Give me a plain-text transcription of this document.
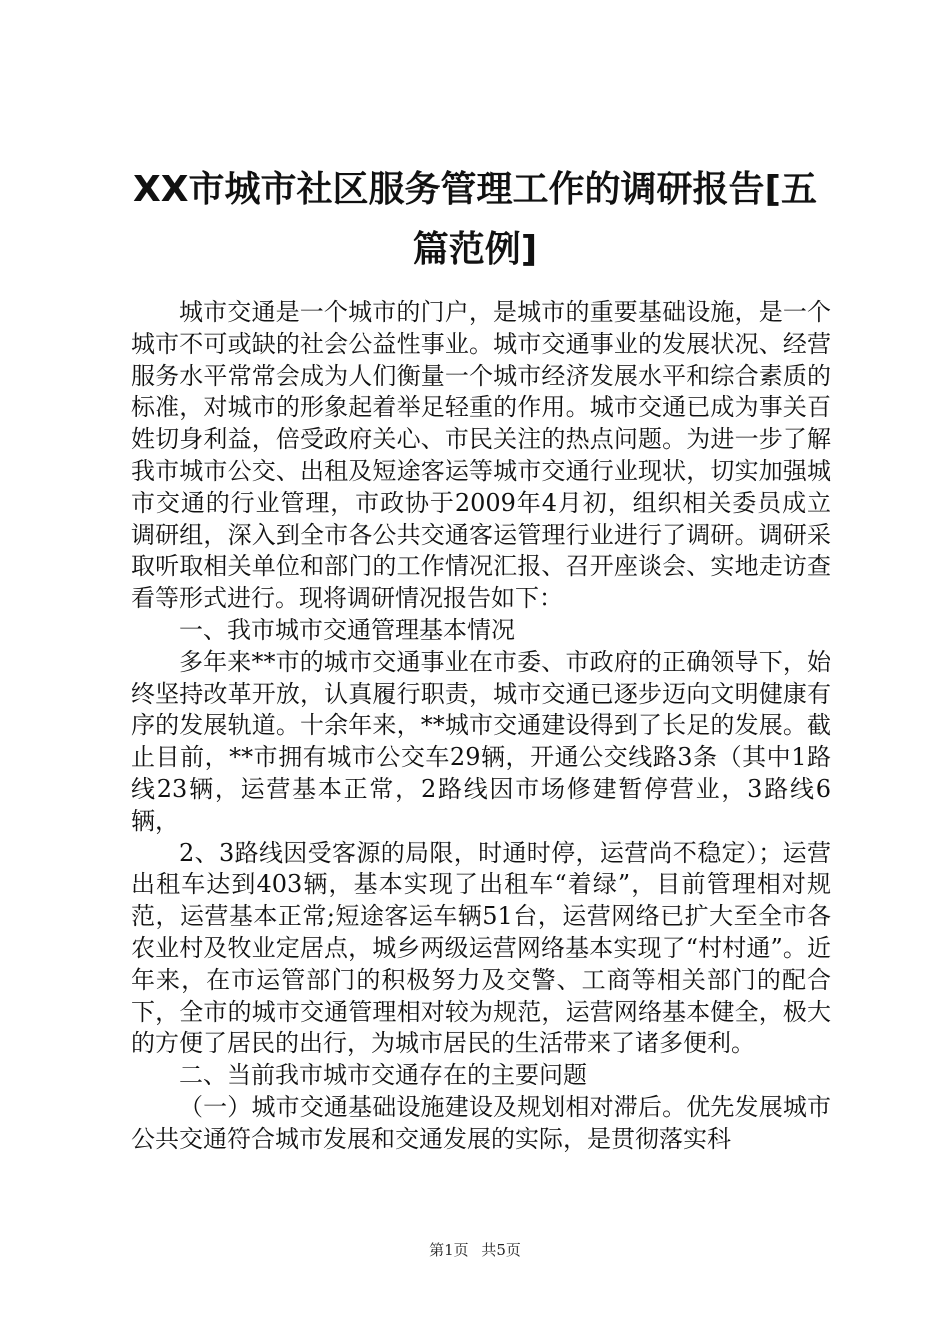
XX市城市社区服务管理工作的调研报告[五篇范例]

城市交通是一个城市的门户，是城市的重要基础设施，是一个城市不可或缺的社会公益性事业。城市交通事业的发展状况、经营服务水平常常会成为人们衡量一个城市经济发展水平和综合素质的标准，对城市的形象起着举足轻重的作用。城市交通已成为事关百姓切身利益，倍受政府关心、市民关注的热点问题。为进一步了解我市城市公交、出租及短途客运等城市交通行业现状，切实加强城市交通的行业管理，市政协于2009年4月初，组织相关委员成立调研组，深入到全市各公共交通客运管理行业进行了调研。调研采取听取相关单位和部门的工作情况汇报、召开座谈会、实地走访查看等形式进行。现将调研情况报告如下：

一、我市城市交通管理基本情况

多年来**市的城市交通事业在市委、市政府的正确领导下，始终坚持改革开放，认真履行职责，城市交通已逐步迈向文明健康有序的发展轨道。十余年来，**城市交通建设得到了长足的发展。截止目前，**市拥有城市公交车29辆，开通公交线路3条（其中1路线23辆，运营基本正常，2路线因市场修建暂停营业，3路线6辆，

2、3路线因受客源的局限，时通时停，运营尚不稳定）；运营出租车达到403辆，基本实现了出租车“着绿”，目前管理相对规范，运营基本正常;短途客运车辆51台，运营网络已扩大至全市各农业村及牧业定居点，城乡两级运营网络基本实现了“村村通”。近年来，在市运管部门的积极努力及交警、工商等相关部门的配合下，全市的城市交通管理相对较为规范，运营网络基本健全，极大的方便了居民的出行，为城市居民的生活带来了诸多便利。

二、当前我市城市交通存在的主要问题

（一）城市交通基础设施建设及规划相对滞后。优先发展城市公共交通符合城市发展和交通发展的实际，是贯彻落实科

第1页 共5页
